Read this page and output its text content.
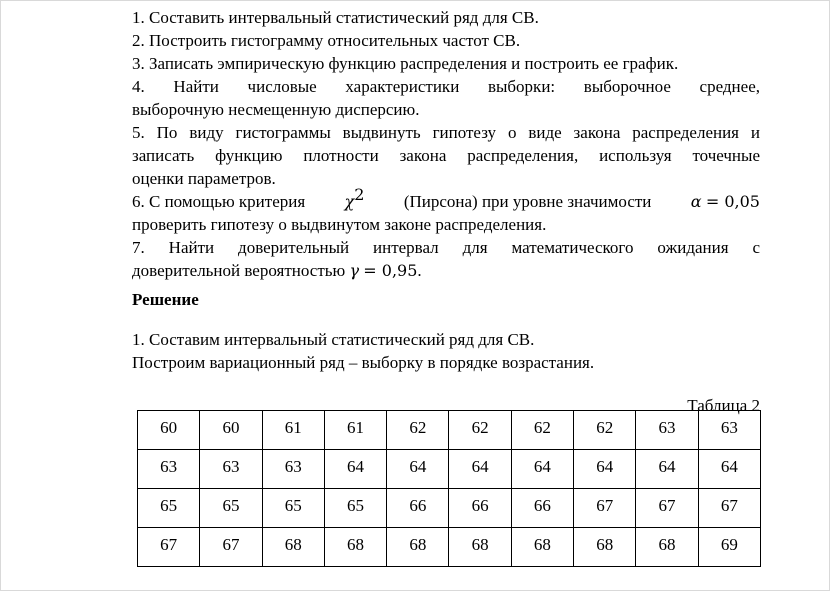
1. Составить интервальный статистический ряд для СВ.
2. Построить гистограмму относительных частот СВ.
3. Записать эмпирическую функцию распределения и построить ее график.
4. Найти числовые характеристики выборки: выборочное среднее,
выборочную несмещенную дисперсию.
5. По виду гистограммы выдвинуть гипотезу о виде закона распределения и
записать функцию плотности закона распределения, используя точечные
оценки параметров.
6. С помощью критерия $\chi^2$ (Пирсона) при уровне значимости α = 0,05
проверить гипотезу о выдвинутом законе распределения.
7. Найти доверительный интервал для математического ожидания с
доверительной вероятностью γ = 0,95.
Решение
1. Составим интервальный статистический ряд для СВ.
Построим вариационный ряд – выборку в порядке возрастания.
Таблица 2
60	60	61	61	62	62	62	62	63	63
63	63	63	64	64	64	64	64	64	64
65	65	65	65	66	66	66	67	67	67
67	67	68	68	68	68	68	68	68	69
